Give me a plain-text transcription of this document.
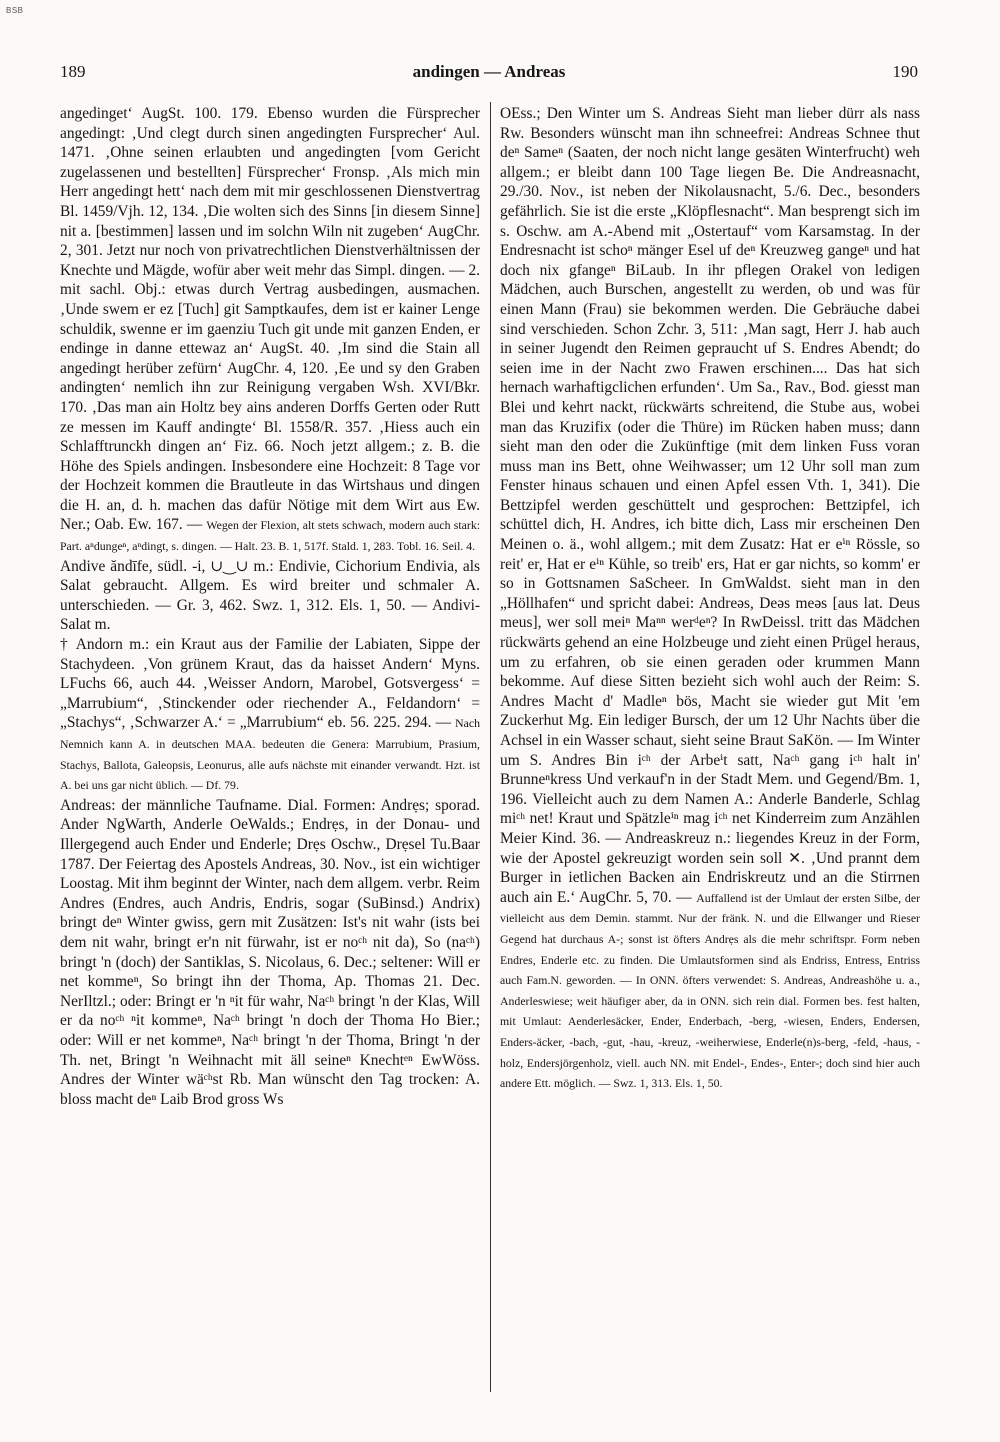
BSB
189	andingen — Andreas	190

angedinget‘ AugSt. 100. 179. Ebenso wurden die Fürsprecher angedingt: ‚Und clegt durch sinen angedingten Fursprecher‘ Aul. 1471. ‚Ohne seinen erlaubten und angedingten [vom Gericht zugelassenen und bestellten] Fürsprecher‘ Fronsp. ‚Als mich min Herr angedingt hett‘ nach dem mit mir geschlossenen Dienstvertrag Bl. 1459/Vjh. 12, 134. ‚Die wolten sich des Sinns [in diesem Sinne] nit a. [bestimmen] lassen und im solchn Wiln nit zugeben‘ AugChr. 2, 301. Jetzt nur noch von privatrechtlichen Dienstverhältnissen der Knechte und Mägde, wofür aber weit mehr das Simpl. dingen. — 2. mit sachl. Obj.: etwas durch Vertrag ausbedingen, ausmachen. ‚Unde swem er ez [Tuch] git Samptkaufes, dem ist er kainer Lenge schuldik, swenne er im gaenziu Tuch git unde mit ganzen Enden, er endinge in danne ettewaz an‘ AugSt. 40. ‚Im sind die Stain all angedingt herüber zefürn‘ AugChr. 4, 120. ‚Ee und sy den Graben andingten‘ nemlich ihn zur Reinigung vergaben Wsh. XVI/Bkr. 170. ‚Das man ain Holtz bey ains anderen Dorffs Gerten oder Rutt ze messen im Kauff andingte‘ Bl. 1558/R. 357. ‚Hiess auch ein Schlafftrunckh dingen an‘ Fiz. 66. Noch jetzt allgem.; z. B. die Höhe des Spiels andingen. Insbesondere eine Hochzeit: 8 Tage vor der Hochzeit kommen die Brautleute in das Wirtshaus und dingen die H. an, d. h. machen das dafür Nötige mit dem Wirt aus Ew. Ner.; Oab. Ew. 167. — Wegen der Flexion, alt stets schwach, modern auch stark: Part. aⁿdungeⁿ, aⁿdingt, s. dingen. — Halt. 23. B. 1, 517f. Stald. 1, 283. Tobl. 16. Seil. 4.

Andive ăndīfe, südl. -i, ∪‿∪ m.: Endivie, Cichorium Endivia, als Salat gebraucht. Allgem. Es wird breiter und schmaler A. unterschieden. — Gr. 3, 462. Swz. 1, 312. Els. 1, 50. — Andivi-Salat m.

† Andorn m.: ein Kraut aus der Familie der Labiaten, Sippe der Stachydeen. ‚Von grünem Kraut, das da haisset Andern‘ Myns. LFuchs 66, auch 44. ‚Weisser Andorn, Marobel, Gotsvergess‘ = „Marrubium“, ‚Stinckender oder riechender A., Feldandorn‘ = „Stachys“, ‚Schwarzer A.‘ = „Marrubium“ eb. 56. 225. 294. — Nach Nemnich kann A. in deutschen MAA. bedeuten die Genera: Marrubium, Prasium, Stachys, Ballota, Galeopsis, Leonurus, alle aufs nächste mit einander verwandt. Hzt. ist A. bei uns gar nicht üblich. — Df. 79.

Andreas: der männliche Taufname. Dial. Formen: Andrẹs; sporad. Ander NgWarth, Anderle OeWalds.; Endrẹs, in der Donau- und Illergegend auch Ender und Enderle; Drẹs Oschw., Drẹsel Tu.Baar 1787. Der Feiertag des Apostels Andreas, 30. Nov., ist ein wichtiger Loostag. Mit ihm beginnt der Winter, nach dem allgem. verbr. Reim Andres (Endres, auch Andris, Endris, sogar (SuBinsd.) Andrix) bringt deⁿ Winter gwiss, gern mit Zusätzen: Ist's nit wahr (ists bei dem nit wahr, bringt er'n nit fürwahr, ist er noᶜʰ nit da), So (naᶜʰ) bringt 'n (doch) der Santiklas, S. Nicolaus, 6. Dec.; seltener: Will er net kommeⁿ, So bringt ihn der Thoma, Ap. Thomas 21. Dec. NerIltzl.; oder: Bringt er 'n ⁿit für wahr, Naᶜʰ bringt 'n der Klas, Will er da noᶜʰ ⁿit kommeⁿ, Naᶜʰ bringt 'n doch der Thoma Ho Bier.; oder: Will er net kommeⁿ, Naᶜʰ bringt 'n der Thoma, Bringt 'n der Th. net, Bringt 'n Weihnacht mit äll seineⁿ Knechtᵉⁿ EwWöss. Andres der Winter wäᶜʰst Rb. Man wünscht den Tag trocken: A. bloss macht deⁿ Laib Brod gross Ws

OEss.; Den Winter um S. Andreas Sieht man lieber dürr als nass Rw. Besonders wünscht man ihn schneefrei: Andreas Schnee thut deⁿ Sameⁿ (Saaten, der noch nicht lange gesäten Winterfrucht) weh allgem.; er bleibt dann 100 Tage liegen Be. Die Andreasnacht, 29./30. Nov., ist neben der Nikolausnacht, 5./6. Dec., besonders gefährlich. Sie ist die erste „Klöpflesnacht“. Man besprengt sich im s. Oschw. am A.-Abend mit „Ostertauf“ vom Karsamstag. In der Endresnacht ist schoⁿ mänger Esel uf deⁿ Kreuzweg gangeⁿ und hat doch nix gfangeⁿ BiLaub. In ihr pflegen Orakel von ledigen Mädchen, auch Burschen, angestellt zu werden, ob und was für einen Mann (Frau) sie bekommen werden. Die Gebräuche dabei sind verschieden. Schon Zchr. 3, 511: ‚Man sagt, Herr J. hab auch in seiner Jugendt den Reimen gepraucht uf S. Endres Abendt; do seien ime in der Nacht zwo Frawen erschinen.... Das hat sich hernach warhaftigclichen erfunden‘. Um Sa., Rav., Bod. giesst man Blei und kehrt nackt, rückwärts schreitend, die Stube aus, wobei man das Kruzifix (oder die Thüre) im Rücken haben muss; dann sieht man den oder die Zukünftige (mit dem linken Fuss voran muss man ins Bett, ohne Weihwasser; um 12 Uhr soll man zum Fenster hinaus schauen und einen Apfel essen Vth. 1, 341). Die Bettzipfel werden geschüttelt und gesprochen: Bettzipfel, ich schüttel dich, H. Andres, ich bitte dich, Lass mir erscheinen Den Meinen o. ä., wohl allgem.; mit dem Zusatz: Hat er eⁱⁿ Rössle, so reit' er, Hat er eⁱⁿ Kühle, so treib' ers, Hat er gar nichts, so komm' er so in Gottsnamen SaScheer. In GmWaldst. sieht man in den „Höllhafen“ und spricht dabei: Andreəs, Deəs meəs [aus lat. Deus meus], wer soll meiⁿ Maⁿⁿ werᵈeⁿ? In RwDeissl. tritt das Mädchen rückwärts gehend an eine Holzbeuge und zieht einen Prügel heraus, um zu erfahren, ob sie einen geraden oder krummen Mann bekomme. Auf diese Sitten bezieht sich wohl auch der Reim: S. Andres Macht d' Madleⁿ bös, Macht sie wieder gut Mit 'em Zuckerhut Mg. Ein lediger Bursch, der um 12 Uhr Nachts über die Achsel in ein Wasser schaut, sieht seine Braut SaKön. — Im Winter um S. Andres Bin iᶜʰ der Arbeⁱt satt, Naᶜʰ gang iᶜʰ halt in' Brunneⁿkress Und verkauf'n in der Stadt Mem. und Gegend/Bm. 1, 196. Vielleicht auch zu dem Namen A.: Anderle Banderle, Schlag miᶜʰ net! Kraut und Spätzleⁱⁿ mag iᶜʰ net Kinderreim zum Anzählen Meier Kind. 36. — Andreaskreuz n.: liegendes Kreuz in der Form, wie der Apostel gekreuzigt worden sein soll ✕. ‚Und prannt dem Burger in ietlichen Backen ain Endriskreutz und an die Stirrnen auch ain E.‘ AugChr. 5, 70. — Auffallend ist der Umlaut der ersten Silbe, der vielleicht aus dem Demin. stammt. Nur der fränk. N. und die Ellwanger und Rieser Gegend hat durchaus A-; sonst ist öfters Andrẹs als die mehr schriftspr. Form neben Endres, Enderle etc. zu finden. Die Umlautsformen sind als Endriss, Entress, Entriss auch Fam.N. geworden. — In ONN. öfters verwendet: S. Andreas, Andreashöhe u. a., Anderleswiese; weit häufiger aber, da in ONN. sich rein dial. Formen bes. fest halten, mit Umlaut: Aenderlesäcker, Ender, Enderbach, -berg, -wiesen, Enders, Endersen, Enders-äcker, -bach, -gut, -hau, -kreuz, -weiherwiese, Enderle(n)s-berg, -feld, -haus, -holz, Endersjörgenholz, viell. auch NN. mit Endel-, Endes-, Enter-; doch sind hier auch andere Ett. möglich. — Swz. 1, 313. Els. 1, 50.
